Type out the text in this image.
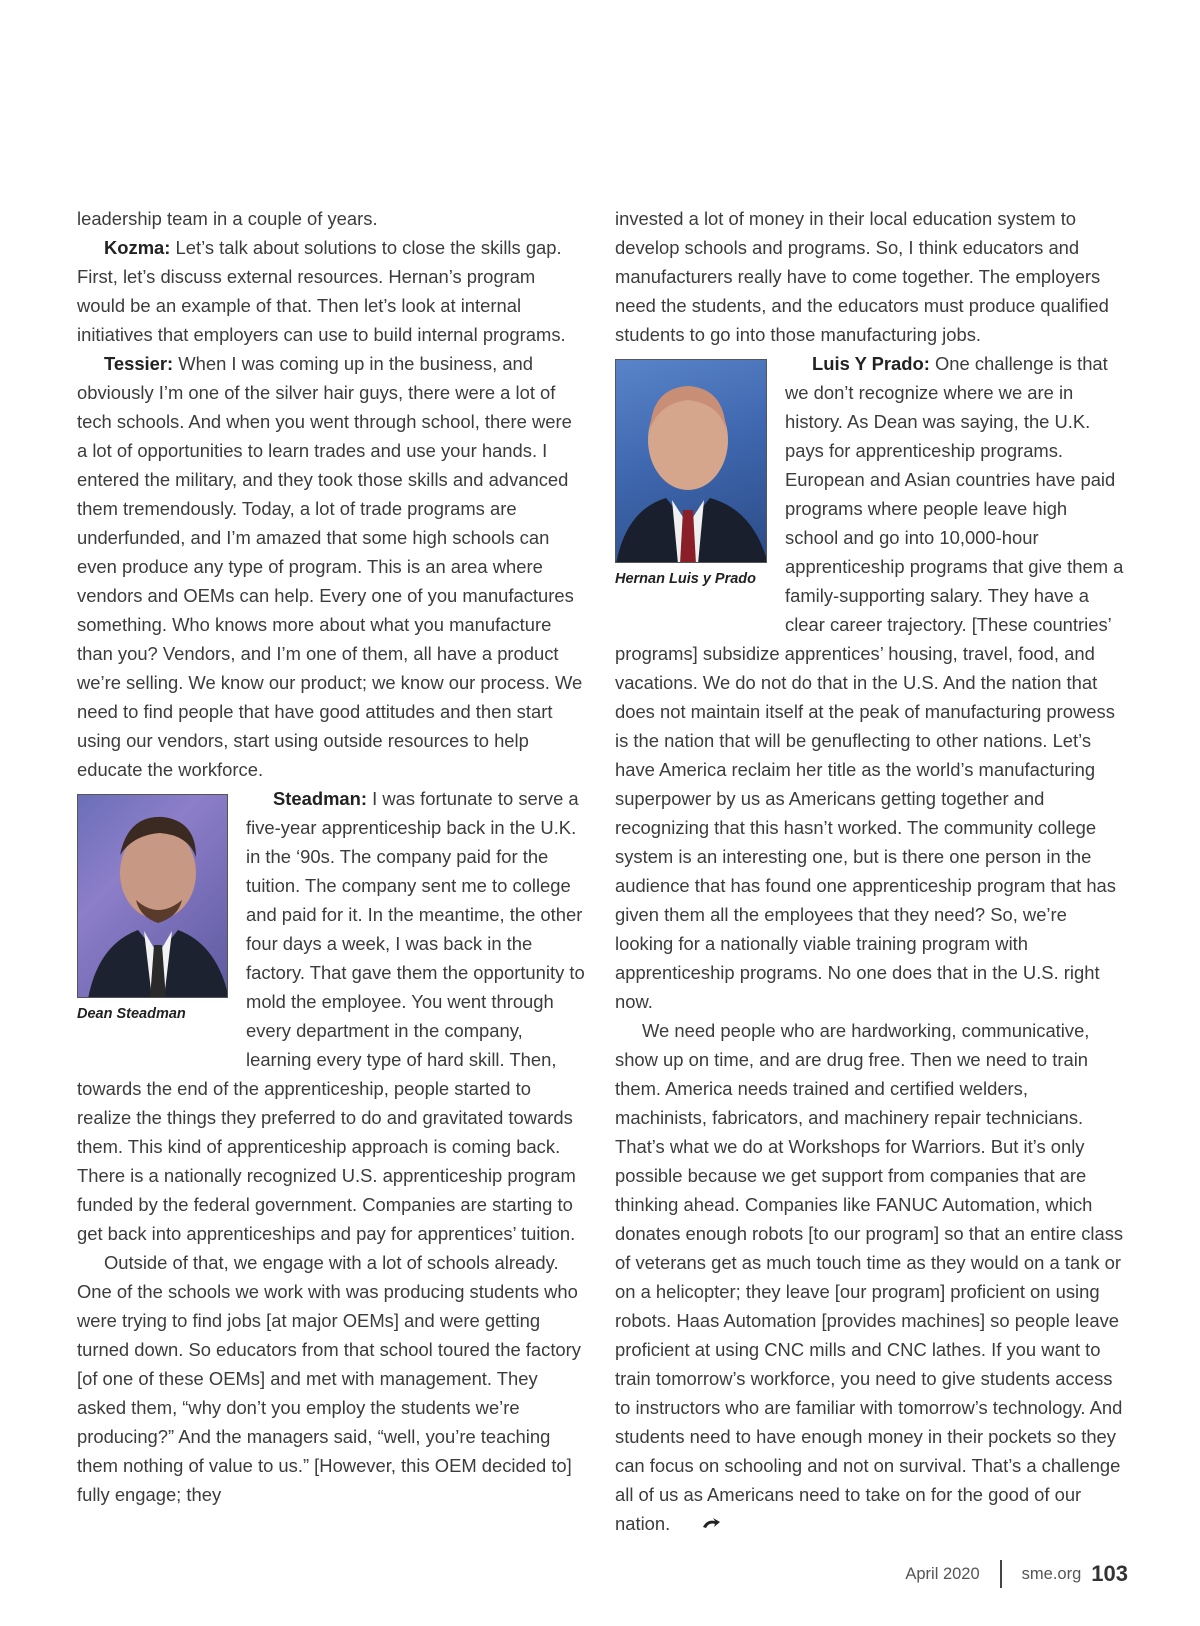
leadership team in a couple of years.

Kozma: Let’s talk about solutions to close the skills gap. First, let’s discuss external resources. Hernan’s program would be an example of that. Then let’s look at internal initiatives that employers can use to build internal programs.

Tessier: When I was coming up in the business, and obviously I’m one of the silver hair guys, there were a lot of tech schools. And when you went through school, there were a lot of opportunities to learn trades and use your hands. I entered the military, and they took those skills and advanced them tremendously. Today, a lot of trade programs are underfunded, and I’m amazed that some high schools can even produce any type of program. This is an area where vendors and OEMs can help. Every one of you manufactures something. Who knows more about what you manufacture than you? Vendors, and I’m one of them, all have a product we’re selling. We know our product; we know our process. We need to find people that have good attitudes and then start using our vendors, start using outside resources to help educate the workforce.

Dean Steadman

Steadman: I was fortunate to serve a five-year apprenticeship back in the U.K. in the ‘90s. The company paid for the tuition. The company sent me to college and paid for it. In the meantime, the other four days a week, I was back in the factory. That gave them the opportunity to mold the employee. You went through every department in the company, learning every type of hard skill. Then, towards the end of the apprenticeship, people started to realize the things they preferred to do and gravitated towards them. This kind of apprenticeship approach is coming back. There is a nationally recognized U.S. apprenticeship program funded by the federal government. Companies are starting to get back into apprenticeships and pay for apprentices’ tuition.

Outside of that, we engage with a lot of schools already. One of the schools we work with was producing students who were trying to find jobs [at major OEMs] and were getting turned down. So educators from that school toured the factory [of one of these OEMs] and met with management. They asked them, “why don’t you employ the students we’re producing?” And the managers said, “well, you’re teaching them nothing of value to us.” [However, this OEM decided to] fully engage; they

invested a lot of money in their local education system to develop schools and programs. So, I think educators and manufacturers really have to come together. The employers need the students, and the educators must produce qualified students to go into those manufacturing jobs.

Hernan Luis y Prado

Luis Y Prado: One challenge is that we don’t recognize where we are in history. As Dean was saying, the U.K. pays for apprenticeship programs. European and Asian countries have paid programs where people leave high school and go into 10,000-hour apprenticeship programs that give them a family-supporting salary. They have a clear career trajectory. [These countries’ programs] subsidize apprentices’ housing, travel, food, and vacations. We do not do that in the U.S. And the nation that does not maintain itself at the peak of manufacturing prowess is the nation that will be genuflecting to other nations. Let’s have America reclaim her title as the world’s manufacturing superpower by us as Americans getting together and recognizing that this hasn’t worked. The community college system is an interesting one, but is there one person in the audience that has found one apprenticeship program that has given them all the employees that they need? So, we’re looking for a nationally viable training program with apprenticeship programs. No one does that in the U.S. right now.

We need people who are hardworking, communicative, show up on time, and are drug free. Then we need to train them. America needs trained and certified welders, machinists, fabricators, and machinery repair technicians. That’s what we do at Workshops for Warriors. But it’s only possible because we get support from companies that are thinking ahead. Companies like FANUC Automation, which donates enough robots [to our program] so that an entire class of veterans get as much touch time as they would on a tank or on a helicopter; they leave [our program] proficient on using robots. Haas Automation [provides machines] so people leave proficient at using CNC mills and CNC lathes. If you want to train tomorrow’s workforce, you need to give students access to instructors who are familiar with tomorrow’s technology. And students need to have enough money in their pockets so they can focus on schooling and not on survival. That’s a challenge all of us as Americans need to take on for the good of our nation.

April 2020	sme.org 103
